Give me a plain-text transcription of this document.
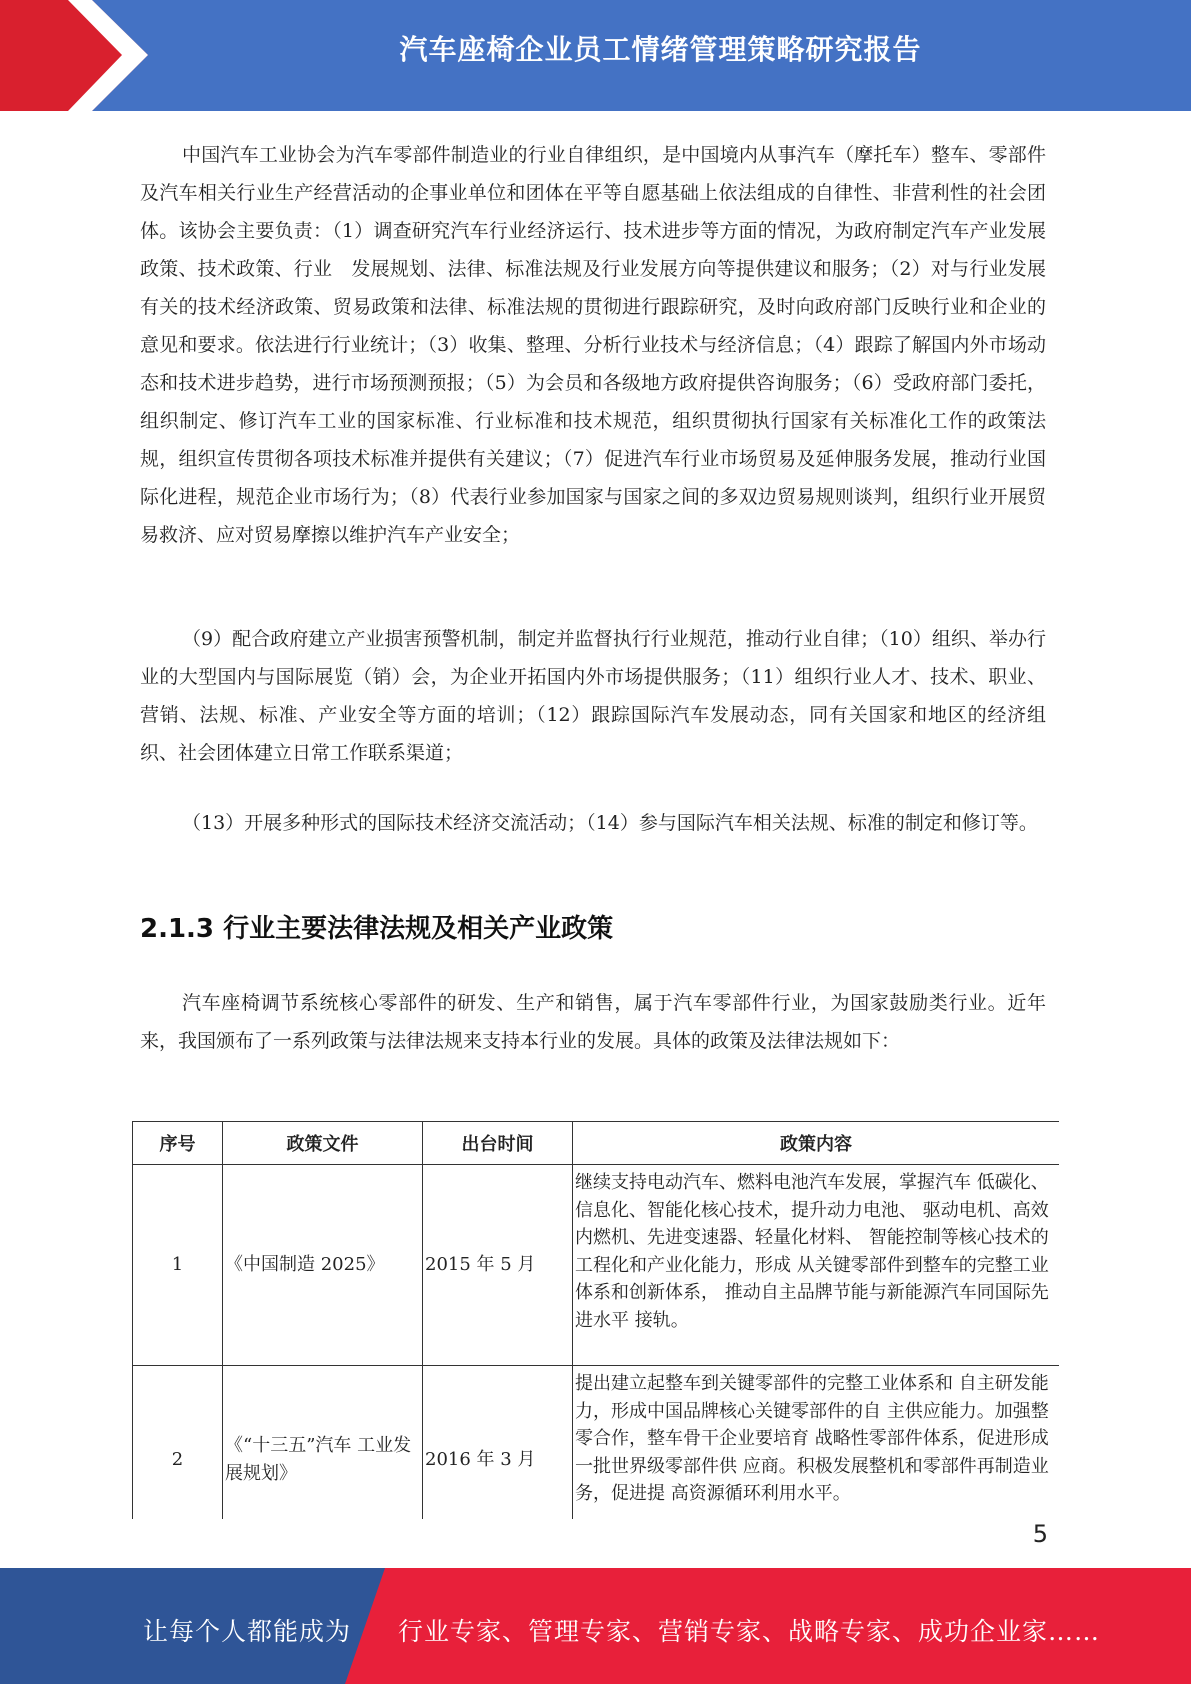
汽车座椅企业员工情绪管理策略研究报告

中国汽车工业协会为汽车零部件制造业的行业自律组织，是中国境内从事汽车（摩托车）整车、零部件及汽车相关行业生产经营活动的企事业单位和团体在平等自愿基础上依法组成的自律性、非营利性的社会团体。该协会主要负责：（1）调查研究汽车行业经济运行、技术进步等方面的情况，为政府制定汽车产业发展政策、技术政策、行业　发展规划、法律、标准法规及行业发展方向等提供建议和服务；（2）对与行业发展有关的技术经济政策、贸易政策和法律、标准法规的贯彻进行跟踪研究，及时向政府部门反映行业和企业的意见和要求。依法进行行业统计；（3）收集、整理、分析行业技术与经济信息；（4）跟踪了解国内外市场动态和技术进步趋势，进行市场预测预报；（5）为会员和各级地方政府提供咨询服务；（6）受政府部门委托，组织制定、修订汽车工业的国家标准、行业标准和技术规范，组织贯彻执行国家有关标准化工作的政策法规，组织宣传贯彻各项技术标准并提供有关建议；（7）促进汽车行业市场贸易及延伸服务发展，推动行业国际化进程，规范企业市场行为；（8）代表行业参加国家与国家之间的多双边贸易规则谈判，组织行业开展贸易救济、应对贸易摩擦以维护汽车产业安全；

（9）配合政府建立产业损害预警机制，制定并监督执行行业规范，推动行业自律；（10）组织、举办行业的大型国内与国际展览（销）会，为企业开拓国内外市场提供服务；（11）组织行业人才、技术、职业、营销、法规、标准、产业安全等方面的培训；（12）跟踪国际汽车发展动态，同有关国家和地区的经济组织、社会团体建立日常工作联系渠道；

（13）开展多种形式的国际技术经济交流活动；（14）参与国际汽车相关法规、标准的制定和修订等。

2.1.3 行业主要法律法规及相关产业政策

汽车座椅调节系统核心零部件的研发、生产和销售，属于汽车零部件行业，为国家鼓励类行业。近年来，我国颁布了一系列政策与法律法规来支持本行业的发展。具体的政策及法律法规如下：

序号	政策文件	出台时间	政策内容
1	《中国制造 2025》	2015 年 5 月	继续支持电动汽车、燃料电池汽车发展，掌握汽车 低碳化、信息化、智能化核心技术，提升动力电池、 驱动电机、高效内燃机、先进变速器、轻量化材料、 智能控制等核心技术的工程化和产业化能力，形成 从关键零部件到整车的完整工业体系和创新体系， 推动自主品牌节能与新能源汽车同国际先进水平 接轨。
2	《“十三五”汽车 工业发展规划》	2016 年 3 月	提出建立起整车到关键零部件的完整工业体系和 自主研发能力，形成中国品牌核心关键零部件的自 主供应能力。加强整零合作，整车骨干企业要培育 战略性零部件体系，促进形成一批世界级零部件供 应商。积极发展整机和零部件再制造业务，促进提 高资源循环利用水平。
5
让每个人都能成为 行业专家、管理专家、营销专家、战略专家、成功企业家……
